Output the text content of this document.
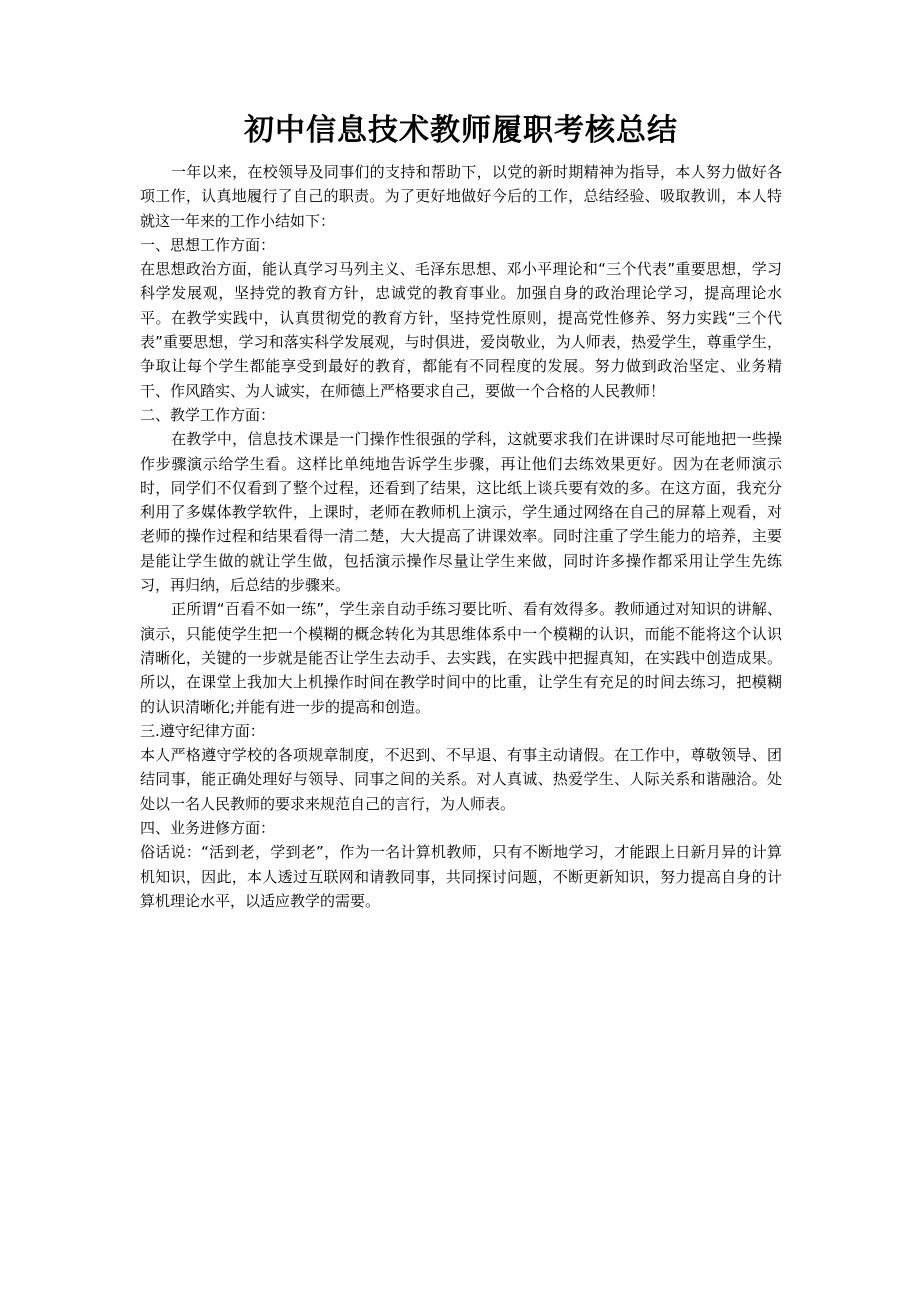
初中信息技术教师履职考核总结

一年以来，在校领导及同事们的支持和帮助下，以党的新时期精神为指导，本人努力做好各项工作，认真地履行了自己的职责。为了更好地做好今后的工作，总结经验、吸取教训，本人特就这一年来的工作小结如下：

一、思想工作方面：

在思想政治方面，能认真学习马列主义、毛泽东思想、邓小平理论和“三个代表”重要思想，学习科学发展观，坚持党的教育方针，忠诚党的教育事业。加强自身的政治理论学习，提高理论水平。在教学实践中，认真贯彻党的教育方针，坚持党性原则，提高党性修养、努力实践“三个代表”重要思想，学习和落实科学发展观，与时俱进，爱岗敬业，为人师表，热爱学生，尊重学生，争取让每个学生都能享受到最好的教育，都能有不同程度的发展。努力做到政治坚定、业务精干、作风踏实、为人诚实，在师德上严格要求自己，要做一个合格的人民教师！

二、教学工作方面：

在教学中，信息技术课是一门操作性很强的学科，这就要求我们在讲课时尽可能地把一些操作步骤演示给学生看。这样比单纯地告诉学生步骤，再让他们去练效果更好。因为在老师演示时，同学们不仅看到了整个过程，还看到了结果，这比纸上谈兵要有效的多。在这方面，我充分利用了多媒体教学软件，上课时，老师在教师机上演示，学生通过网络在自己的屏幕上观看，对老师的操作过程和结果看得一清二楚，大大提高了讲课效率。同时注重了学生能力的培养，主要是能让学生做的就让学生做，包括演示操作尽量让学生来做，同时许多操作都采用让学生先练习，再归纳，后总结的步骤来。

正所谓“百看不如一练”，学生亲自动手练习要比听、看有效得多。教师通过对知识的讲解、演示，只能使学生把一个模糊的概念转化为其思维体系中一个模糊的认识，而能不能将这个认识清晰化，关键的一步就是能否让学生去动手、去实践，在实践中把握真知，在实践中创造成果。所以，在课堂上我加大上机操作时间在教学时间中的比重，让学生有充足的时间去练习，把模糊的认识清晰化;并能有进一步的提高和创造。

三.遵守纪律方面：

本人严格遵守学校的各项规章制度，不迟到、不早退、有事主动请假。在工作中，尊敬领导、团结同事，能正确处理好与领导、同事之间的关系。对人真诚、热爱学生、人际关系和谐融洽。处处以一名人民教师的要求来规范自己的言行，为人师表。

四、业务进修方面：

俗话说：“活到老，学到老”，作为一名计算机教师，只有不断地学习，才能跟上日新月异的计算机知识，因此，本人透过互联网和请教同事，共同探讨问题，不断更新知识，努力提高自身的计算机理论水平，以适应教学的需要。
